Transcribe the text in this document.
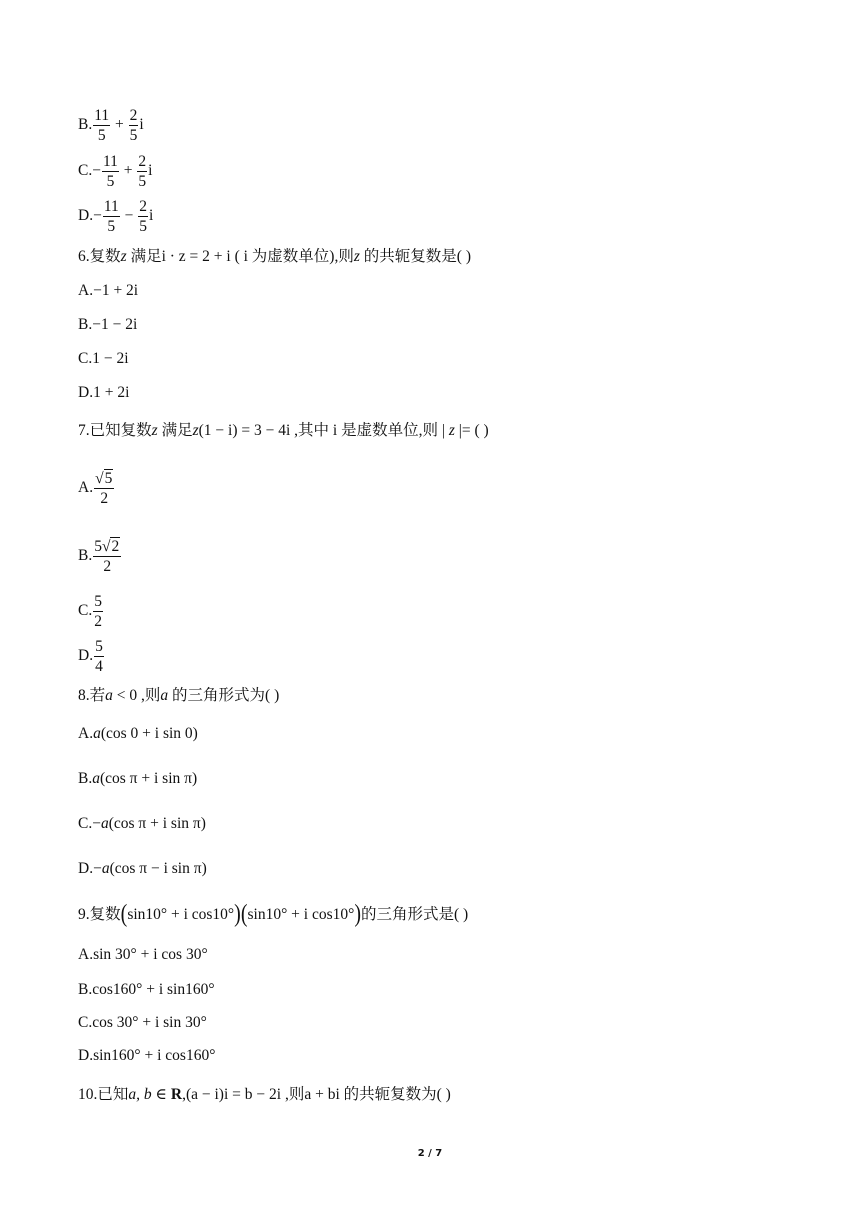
B. $\frac{11}{5} + \frac{2}{5}$ i
$C.- \frac{11}{5} + \frac{2}{5}$ i
$D.- \frac{11}{5} - \frac{2}{5}$ i
6.复数z 满足i · z = 2 + i ( i 为虚数单位),则z 的共轭复数是( )
A.−1 + 2i
B.−1 − 2i
C.1 − 2i
D.1 + 2i
7.已知复数z 满足z(1 − i) = 3 − 4i ,其中 i 是虚数单位,则 | z |= ( )
A. $\frac{√5}{2}$
B. $\frac{5√2}{2}$
C. $\frac{5}{2}$
D. $\frac{5}{4}$
8.若a < 0 ,则a 的三角形式为( )
A.a(cos 0 + i sin 0)
B.a(cos π + i sin π)
C.−a(cos π + i sin π)
D.−a(cos π − i sin π)
9.复数(sin10° + i cos10°)(sin10° + i cos10°)的三角形式是( )
A.sin 30° + i cos 30°
B.cos160° + i sin160°
C.cos 30° + i sin 30°
D.sin160° + i cos160°
10.已知a, b ∈ R,(a − i)i = b − 2i ,则a + bi 的共轭复数为( )
2 / 7
